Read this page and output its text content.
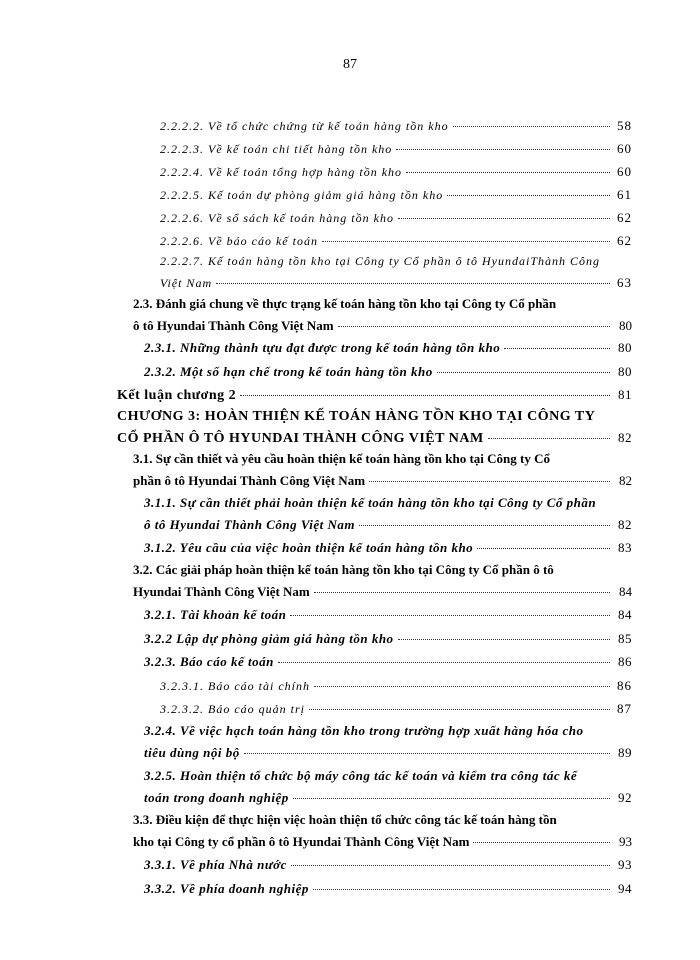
87
2.2.2.2. Về tổ chức chứng từ kế toán hàng tồn kho	58
2.2.2.3. Về kế toán chi tiết hàng tồn kho	60
2.2.2.4. Về kế toán tổng hợp hàng tồn kho	60
2.2.2.5. Kế toán dự phòng giảm giá hàng tồn kho	61
2.2.2.6. Về sổ sách kế toán hàng tồn kho	62
2.2.2.6. Về báo cáo kế toán	62
2.2.2.7. Kế toán hàng tồn kho tại Công ty Cổ phần ô tô HyundaiThành Công
Việt Nam	63
2.3. Đánh giá chung về thực trạng kế toán hàng tồn kho tại Công ty Cổ phần
ô tô Hyundai Thành Công Việt Nam	80
2.3.1. Những thành tựu đạt được trong kế toán hàng tồn kho	80
2.3.2. Một số hạn chế trong kế toán hàng tồn kho	80
Kết luận chương 2	81
CHƯƠNG 3: HOÀN THIỆN KẾ TOÁN HÀNG TỒN KHO TẠI CÔNG TY
CỔ PHẦN Ô TÔ HYUNDAI THÀNH CÔNG VIỆT NAM	82
3.1. Sự cần thiết và yêu cầu hoàn thiện kế toán hàng tồn kho tại Công ty Cổ
phần ô tô Hyundai Thành Công Việt Nam	82
3.1.1. Sự cần thiết phải hoàn thiện kế toán hàng tồn kho tại Công ty Cổ phần
ô tô Hyundai Thành Công Việt Nam	82
3.1.2. Yêu cầu của việc hoàn thiện kế toán hàng tồn kho	83
3.2. Các giải pháp hoàn thiện kế toán hàng tồn kho tại Công ty Cổ phần ô tô
Hyundai Thành Công Việt Nam	84
3.2.1. Tài khoản kế toán	84
3.2.2 Lập dự phòng giảm giá hàng tồn kho	85
3.2.3. Báo cáo kế toán	86
3.2.3.1. Báo cáo tài chính	86
3.2.3.2. Báo cáo quản trị	87
3.2.4. Về việc hạch toán hàng tồn kho trong trường hợp xuất hàng hóa cho
tiêu dùng nội bộ	89
3.2.5. Hoàn thiện tổ chức bộ máy công tác kế toán và kiểm tra công tác kế
toán trong doanh nghiệp	92
3.3. Điều kiện để thực hiện việc hoàn thiện tổ chức công tác kế toán hàng tồn
kho tại Công ty cổ phần ô tô Hyundai Thành Công Việt Nam	93
3.3.1. Về phía Nhà nước	93
3.3.2. Về phía doanh nghiệp	94
